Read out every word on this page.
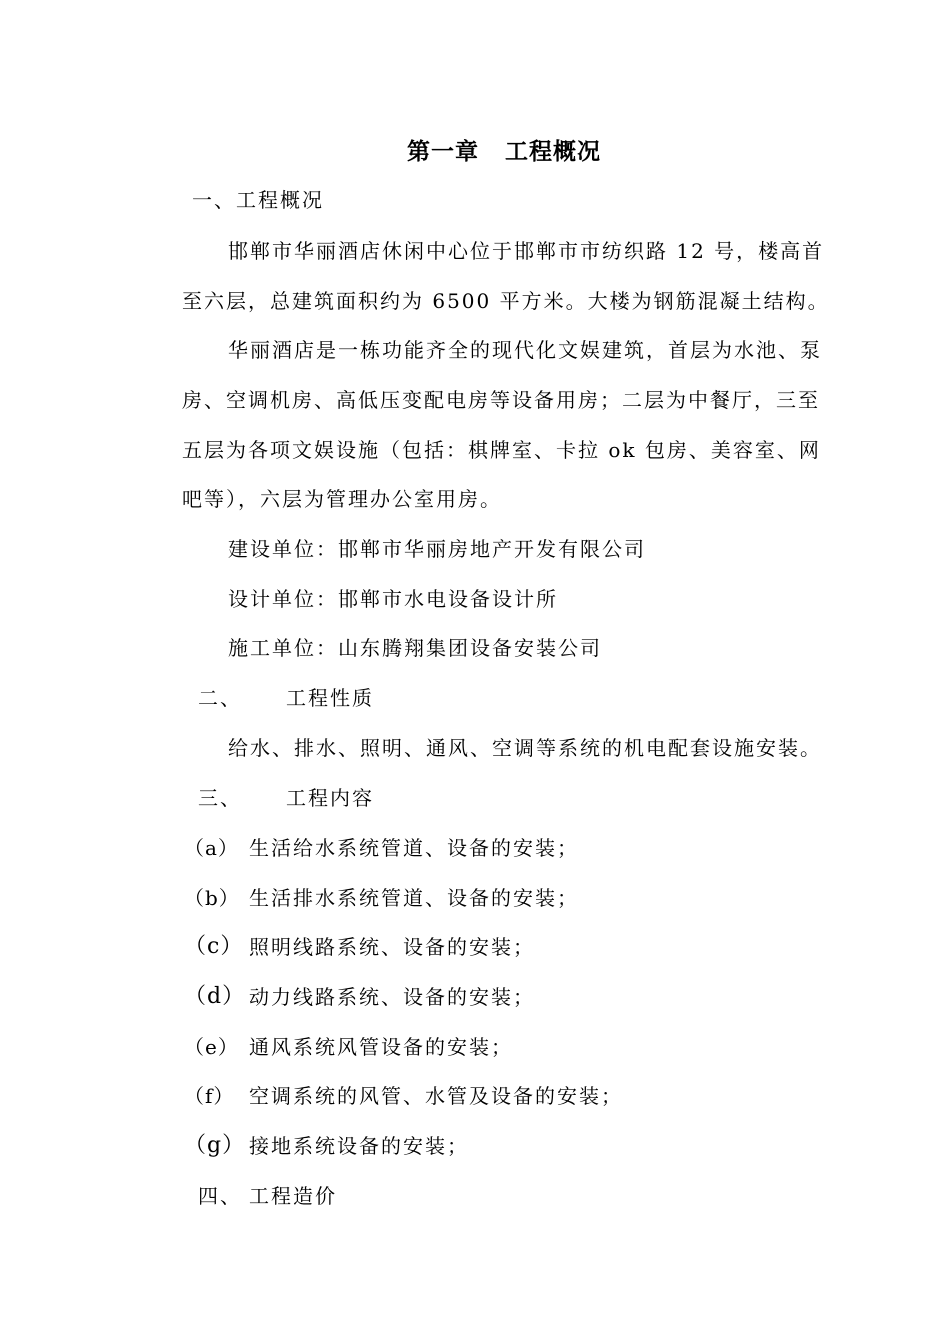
第一章 工程概况
一、工程概况
邯郸市华丽酒店休闲中心位于邯郸市市纺织路 12 号，楼高首
至六层，总建筑面积约为 6500 平方米。大楼为钢筋混凝土结构。
华丽酒店是一栋功能齐全的现代化文娱建筑，首层为水池、泵
房、空调机房、高低压变配电房等设备用房；二层为中餐厅，三至
五层为各项文娱设施（包括：棋牌室、卡拉 ok 包房、美容室、网
吧等），六层为管理办公室用房。
建设单位：邯郸市华丽房地产开发有限公司
设计单位：邯郸市水电设备设计所
施工单位：山东腾翔集团设备安装公司
二、 工程性质
给水、排水、照明、通风、空调等系统的机电配套设施安装。
三、 工程内容
（a） 生活给水系统管道、设备的安装；
（b） 生活排水系统管道、设备的安装；
（c） 照明线路系统、设备的安装；
（d） 动力线路系统、设备的安装；
（e） 通风系统风管设备的安装；
（f） 空调系统的风管、水管及设备的安装；
（g） 接地系统设备的安装；
四、 工程造价
